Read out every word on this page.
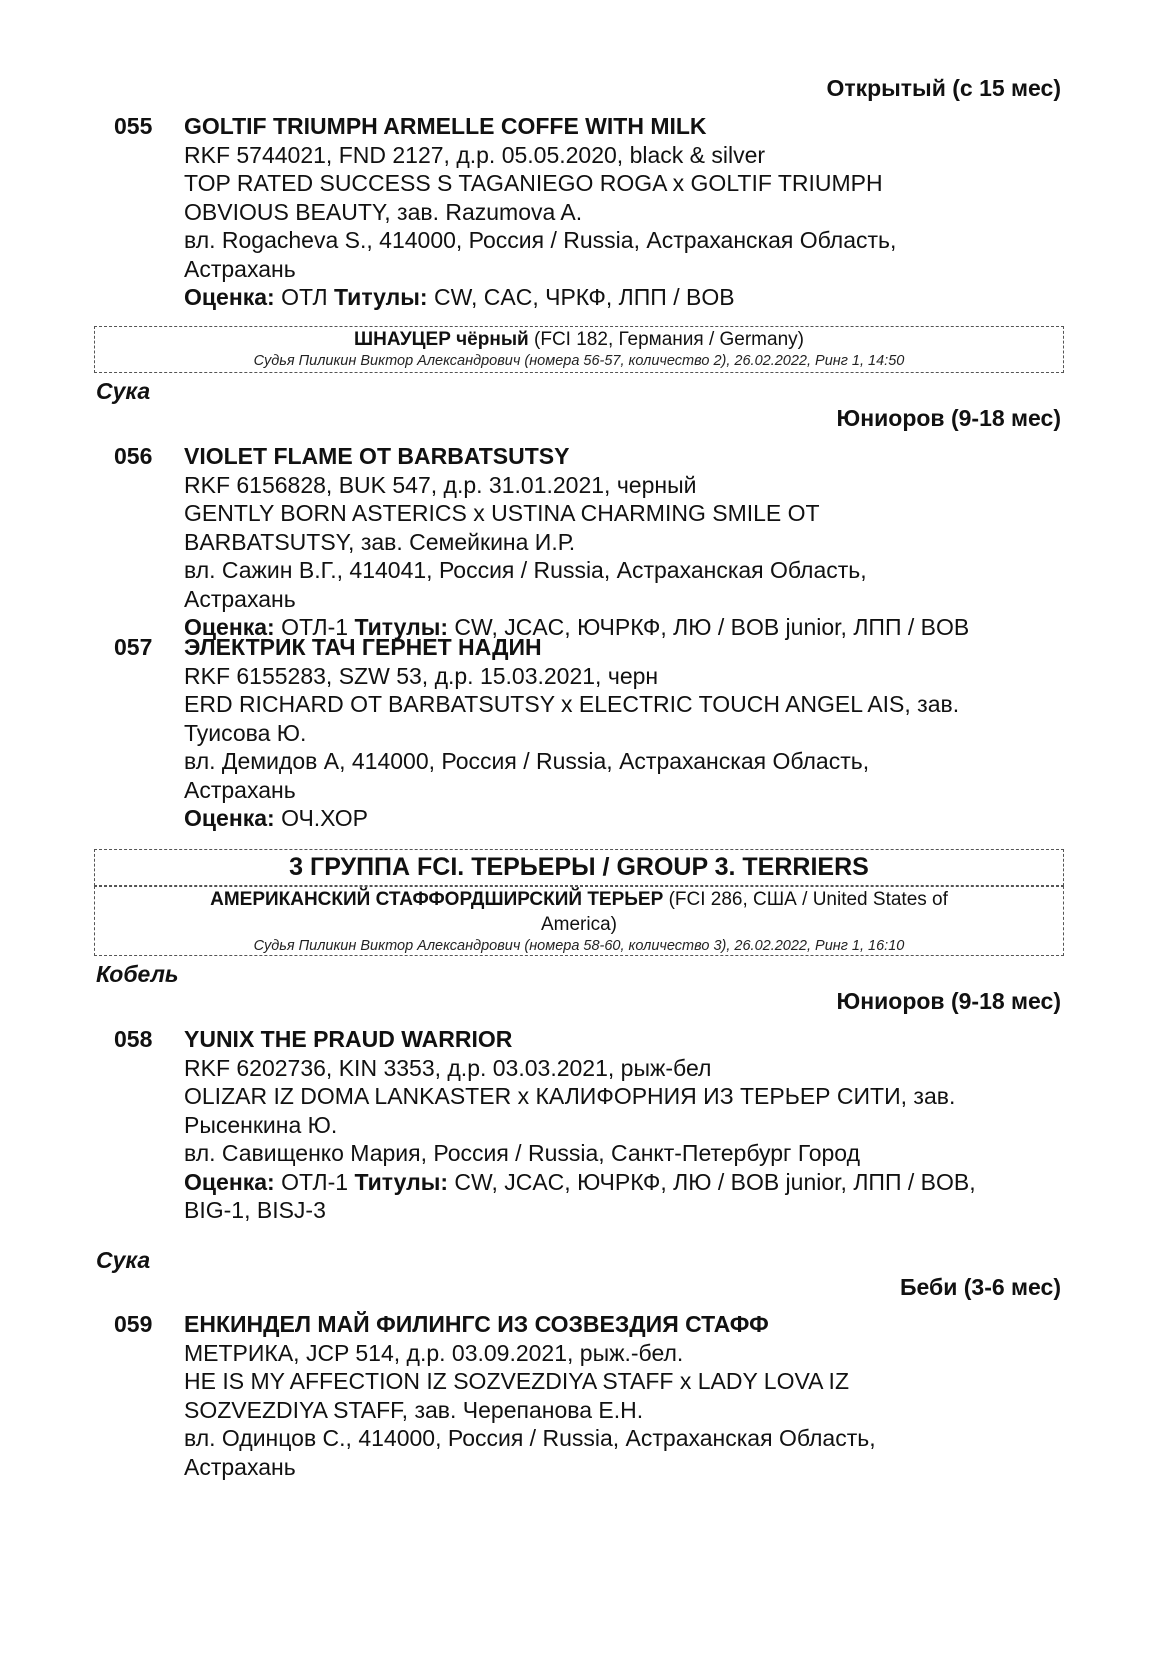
Открытый (с 15 мес)
055 GOLTIF TRIUMPH ARMELLE COFFE WITH MILK
RKF 5744021, FND 2127, д.р. 05.05.2020, black & silver
TOP RATED SUCCESS S TAGANIEGO ROGA x GOLTIF TRIUMPH OBVIOUS BEAUTY, зав. Razumova A.
вл. Rogacheva S., 414000, Россия / Russia, Астраханская Область, Астрахань
Оценка: ОТЛ Титулы: CW, CAC, ЧРКФ, ЛПП / BOB
ШНАУЦЕР чёрный (FCI 182, Германия / Germany)
Судья Пиликин Виктор Александрович (номера 56-57, количество 2), 26.02.2022, Ринг 1, 14:50
Сука
Юниоров (9-18 мес)
056 VIOLET FLAME OT BARBATSUTSY
RKF 6156828, BUK 547, д.р. 31.01.2021, черный
GENTLY BORN ASTERICS x USTINA CHARMING SMILE OT BARBATSUTSY, зав. Семейкина И.Р.
вл. Сажин В.Г., 414041, Россия / Russia, Астраханская Область, Астрахань
Оценка: ОТЛ-1 Титулы: CW, JCAC, ЮЧРКФ, ЛЮ / BOB junior, ЛПП / BOB
057 ЭЛЕКТРИК ТАЧ ГЕРНЕТ НАДИН
RKF 6155283, SZW 53, д.р. 15.03.2021, черн
ERD RICHARD OT BARBATSUTSY x ELECTRIC TOUCH ANGEL AIS, зав. Туисова Ю.
вл. Демидов А, 414000, Россия / Russia, Астраханская Область, Астрахань
Оценка: ОЧ.ХОР
3 ГРУППА FCI. ТЕРЬЕРЫ / GROUP 3. TERRIERS
АМЕРИКАНСКИЙ СТАФФОРДШИРСКИЙ ТЕРЬЕР (FCI 286, США / United States of America)
Судья Пиликин Виктор Александрович (номера 58-60, количество 3), 26.02.2022, Ринг 1, 16:10
Кобель
Юниоров (9-18 мес)
058 YUNIX THE PRAUD WARRIOR
RKF 6202736, KIN 3353, д.р. 03.03.2021, рыж-бел
OLIZAR IZ DOMA LANKASTER x КАЛИФОРНИЯ ИЗ ТЕРЬЕР СИТИ, зав. Рысенкина Ю.
вл. Савищенко Мария, Россия / Russia, Санкт-Петербург Город
Оценка: ОТЛ-1 Титулы: CW, JCAC, ЮЧРКФ, ЛЮ / BOB junior, ЛПП / BOB, BIG-1, BISJ-3
Сука
Беби (3-6 мес)
059 ЕНКИНДЕЛ МАЙ ФИЛИНГС ИЗ СОЗВЕЗДИЯ СТАФФ
МЕТРИКА, JCP 514, д.р. 03.09.2021, рыж.-бел.
HE IS MY AFFECTION IZ SOZVEZDIYA STAFF x LADY LOVA IZ SOZVEZDIYA STAFF, зав. Черепанова Е.Н.
вл. Одинцов С., 414000, Россия / Russia, Астраханская Область, Астрахань
